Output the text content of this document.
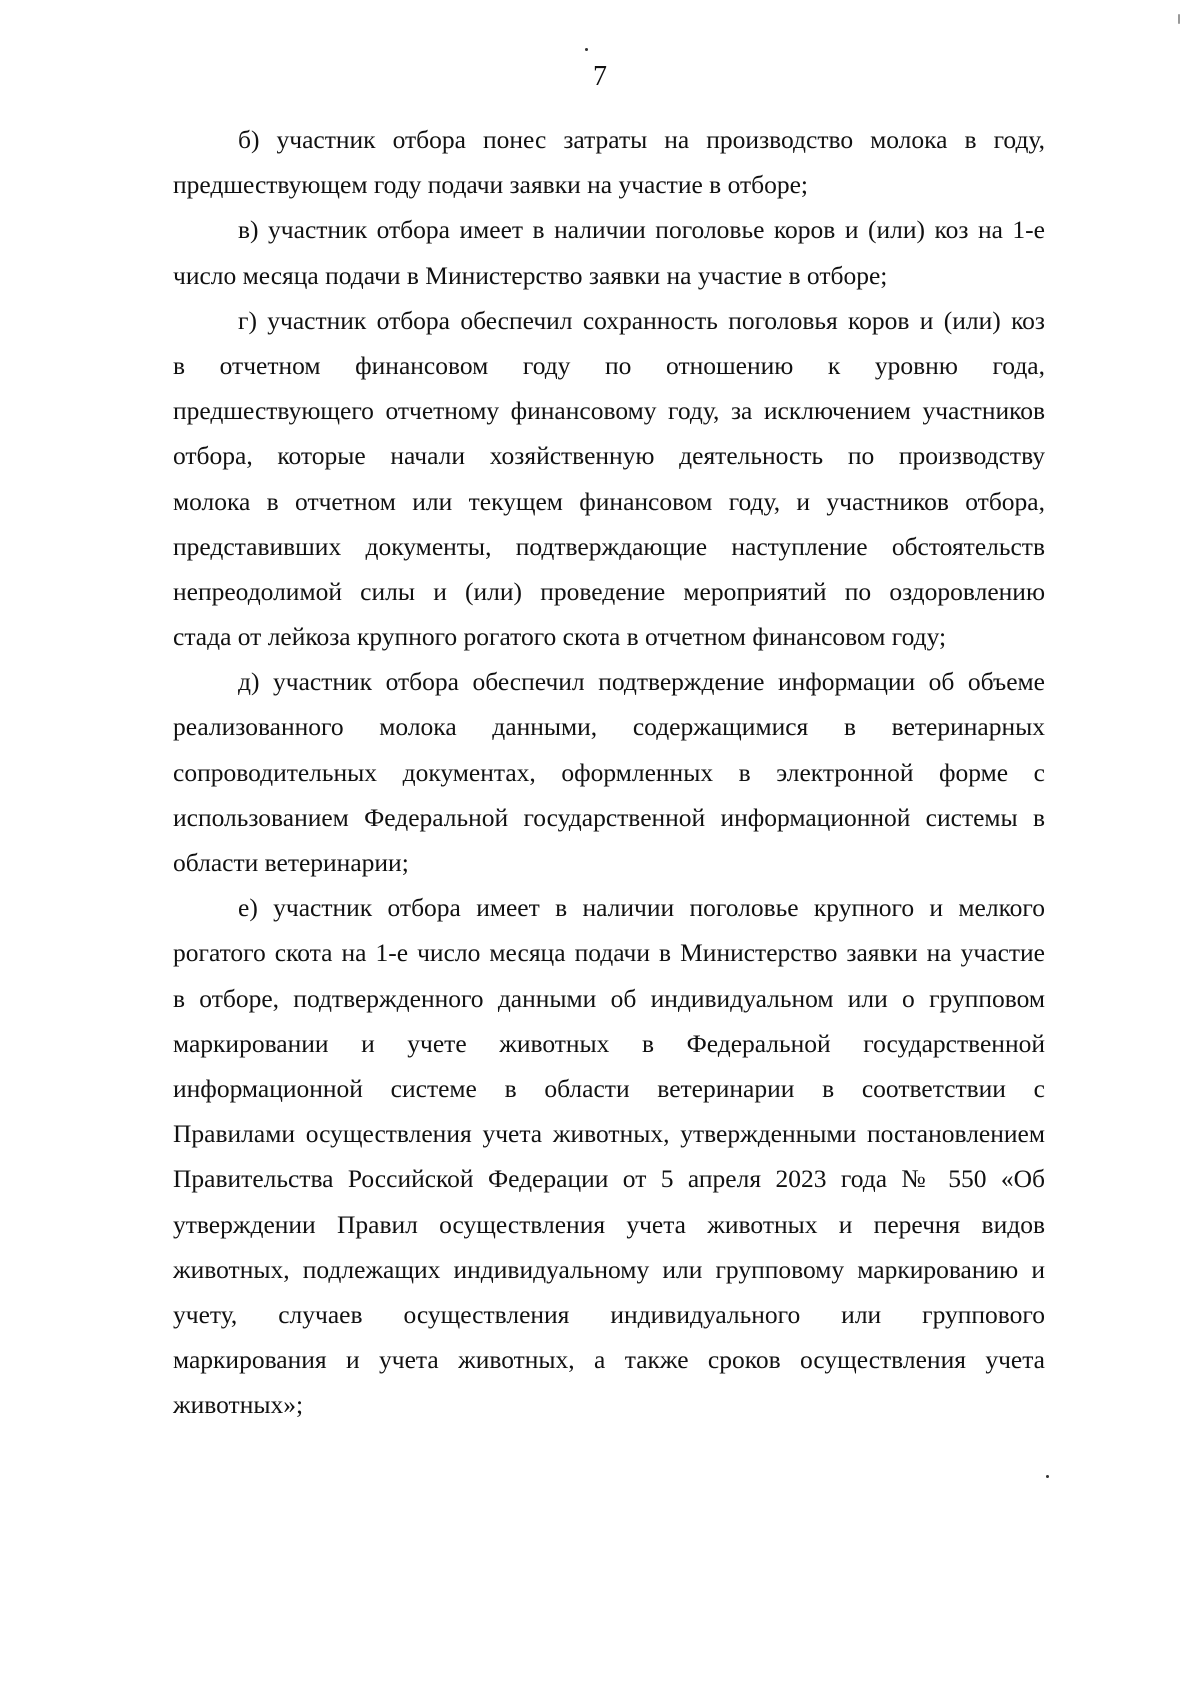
7
б) участник отбора понес затраты на производство молока в году,
предшествующем году подачи заявки на участие в отборе;
в) участник отбора имеет в наличии поголовье коров и (или) коз на 1-е
число месяца подачи в Министерство заявки на участие в отборе;
г) участник отбора обеспечил сохранность поголовья коров и (или) коз
в отчетном финансовом году по отношению к уровню года,
предшествующего отчетному финансовому году, за исключением участников
отбора, которые начали хозяйственную деятельность по производству
молока в отчетном или текущем финансовом году, и участников отбора,
представивших документы, подтверждающие наступление обстоятельств
непреодолимой силы и (или) проведение мероприятий по оздоровлению
стада от лейкоза крупного рогатого скота в отчетном финансовом году;
д) участник отбора обеспечил подтверждение информации об объеме
реализованного молока данными, содержащимися в ветеринарных
сопроводительных документах, оформленных в электронной форме с
использованием Федеральной государственной информационной системы в
области ветеринарии;
е) участник отбора имеет в наличии поголовье крупного и мелкого
рогатого скота на 1-е число месяца подачи в Министерство заявки на участие
в отборе, подтвержденного данными об индивидуальном или о групповом
маркировании и учете животных в Федеральной государственной
информационной системе в области ветеринарии в соответствии с
Правилами осуществления учета животных, утвержденными постановлением
Правительства Российской Федерации от 5 апреля 2023 года № 550 «Об
утверждении Правил осуществления учета животных и перечня видов
животных, подлежащих индивидуальному или групповому маркированию и
учету, случаев осуществления индивидуального или группового
маркирования и учета животных, а также сроков осуществления учета
животных»;
